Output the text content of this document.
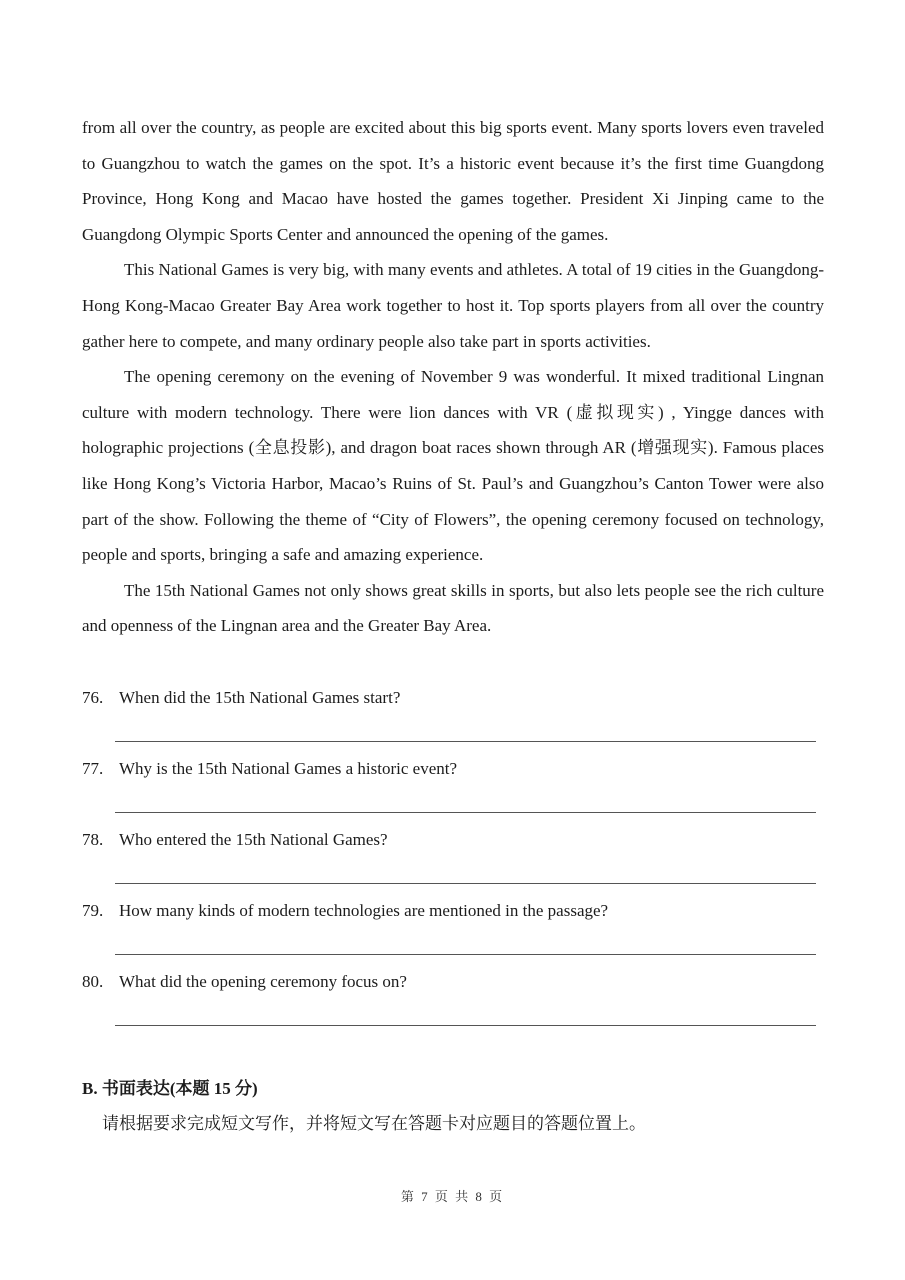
from all over the country, as people are excited about this big sports event. Many sports lovers even traveled to Guangzhou to watch the games on the spot. It’s a historic event because it’s the first time Guangdong Province, Hong Kong and Macao have hosted the games together. President Xi Jinping came to the Guangdong Olympic Sports Center and announced the opening of the games.

This National Games is very big, with many events and athletes. A total of 19 cities in the Guangdong-Hong Kong-Macao Greater Bay Area work together to host it. Top sports players from all over the country gather here to compete, and many ordinary people also take part in sports activities.

The opening ceremony on the evening of November 9 was wonderful. It mixed traditional Lingnan culture with modern technology. There were lion dances with VR (虚拟现实) , Yingge dances with holographic projections (全息投影), and dragon boat races shown through AR (增强现实). Famous places like Hong Kong’s Victoria Harbor, Macao’s Ruins of St. Paul’s and Guangzhou’s Canton Tower were also part of the show. Following the theme of “City of Flowers”, the opening ceremony focused on technology, people and sports, bringing a safe and amazing experience.

The 15th National Games not only shows great skills in sports, but also lets people see the rich culture and openness of the Lingnan area and the Greater Bay Area.

76. When did the 15th National Games start?

77. Why is the 15th National Games a historic event?

78. Who entered the 15th National Games?

79. How many kinds of modern technologies are mentioned in the passage?

80. What did the opening ceremony focus on?

B. 书面表达(本题 15 分)

请根据要求完成短文写作，并将短文写在答题卡对应题目的答题位置上。

第 7 页 共 8 页
